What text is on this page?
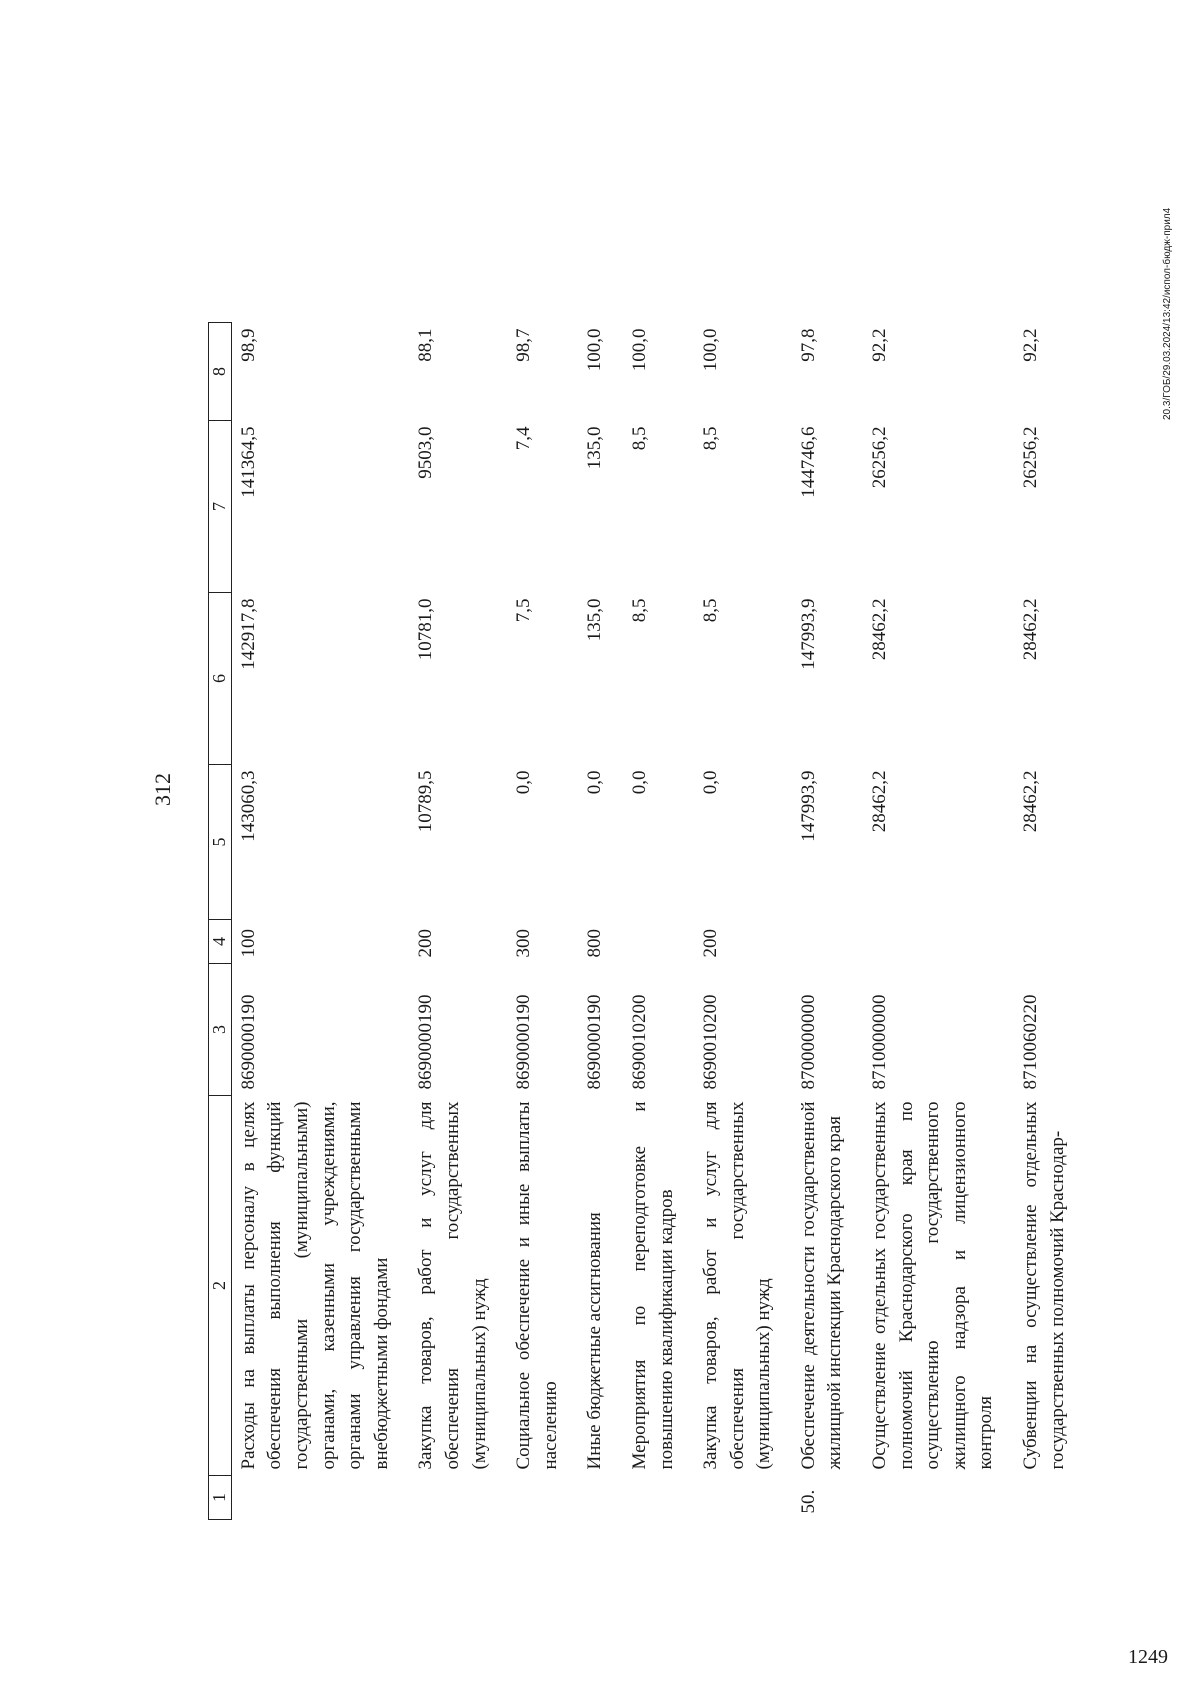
312
1	2	3	4	5	6	7	8
	Расходы на выплаты персоналу в целях обеспечения выполнения функций государственными (муниципальными) органами, казенными учреждениями, органами управления государственными внебюджетными фондами	8690000190	100	143060,3	142917,8	141364,5	98,9
	Закупка товаров, работ и услуг для обеспечения государственных (муниципальных) нужд	8690000190	200	10789,5	10781,0	9503,0	88,1
	Социальное обеспечение и иные выплаты населению	8690000190	300	0,0	7,5	7,4	98,7
	Иные бюджетные ассигнования	8690000190	800	0,0	135,0	135,0	100,0
	Мероприятия по переподготовке и повышению квалификации кадров	8690010200		0,0	8,5	8,5	100,0
	Закупка товаров, работ и услуг для обеспечения государственных (муниципальных) нужд	8690010200	200	0,0	8,5	8,5	100,0
50.	Обеспечение деятельности государственной жилищной инспекции Краснодарского края	8700000000		147993,9	147993,9	144746,6	97,8
	Осуществление отдельных государственных полномочий Краснодарского края по осуществлению государственного жилищного надзора и лицензионного контроля	8710000000		28462,2	28462,2	26256,2	92,2
	Субвенции на осуществление отдельных государственных полномочий Краснодар-	8710060220		28462,2	28462,2	26256,2	92,2	20.3/ГОБ/29.03.2024/13:42/испол-бюдж-прил4
1249
